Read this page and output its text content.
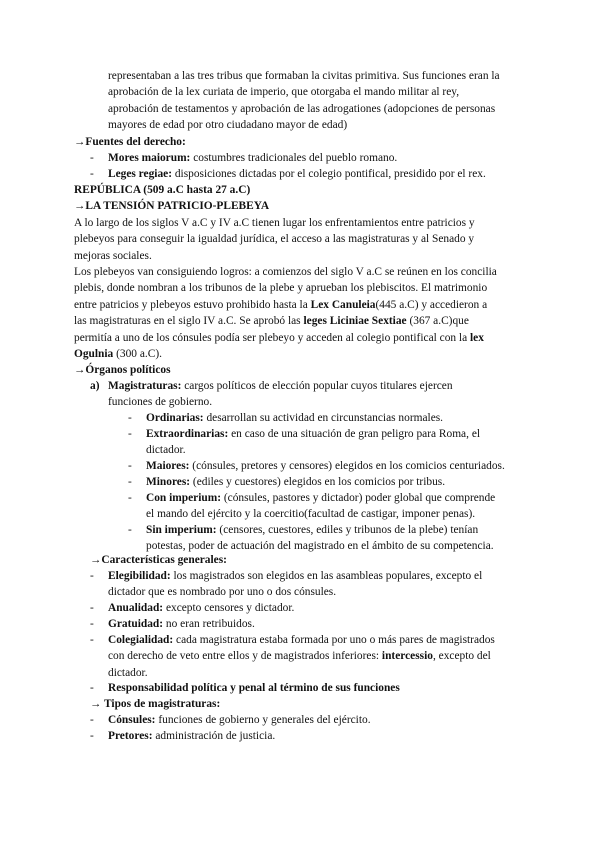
representaban a las tres tribus que formaban la civitas primitiva. Sus funciones eran la
aprobación de la lex curiata de imperio, que otorgaba el mando militar al rey,
aprobación de testamentos y aprobación de las adrogationes (adopciones de personas
mayores de edad por otro ciudadano mayor de edad)
→Fuentes del derecho:
- Mores maiorum: costumbres tradicionales del pueblo romano.
- Leges regiae: disposiciones dictadas por el colegio pontifical, presidido por el rex.
REPÚBLICA (509 a.C hasta 27 a.C)
→LA TENSIÓN PATRICIO-PLEBEYA
A lo largo de los siglos V a.C y IV a.C tienen lugar los enfrentamientos entre patricios y
plebeyos para conseguir la igualdad jurídica, el acceso a las magistraturas y al Senado y
mejoras sociales.
Los plebeyos van consiguiendo logros: a comienzos del siglo V a.C se reúnen en los concilia
plebis, donde nombran a los tribunos de la plebe y aprueban los plebiscitos. El matrimonio
entre patricios y plebeyos estuvo prohibido hasta la Lex Canuleia(445 a.C) y accedieron a
las magistraturas en el siglo IV a.C. Se aprobó las leges Liciniae Sextiae (367 a.C)que
permitía a uno de los cónsules podía ser plebeyo y acceden al colegio pontifical con la lex
Ogulnia (300 a.C).
→Órganos políticos
a) Magistraturas: cargos políticos de elección popular cuyos titulares ejercen
funciones de gobierno.
- Ordinarias: desarrollan su actividad en circunstancias normales.
- Extraordinarias: en caso de una situación de gran peligro para Roma, el
dictador.
- Maiores: (cónsules, pretores y censores) elegidos en los comicios centuriados.
- Minores: (ediles y cuestores) elegidos en los comicios por tribus.
- Con imperium: (cónsules, pastores y dictador) poder global que comprende
el mando del ejército y la coercitio(facultad de castigar, imponer penas).
- Sin imperium: (censores, cuestores, ediles y tribunos de la plebe) tenían
potestas, poder de actuación del magistrado en el ámbito de su competencia.
→Características generales:
- Elegibilidad: los magistrados son elegidos en las asambleas populares, excepto el
dictador que es nombrado por uno o dos cónsules.
- Anualidad: excepto censores y dictador.
- Gratuidad: no eran retribuidos.
- Colegialidad: cada magistratura estaba formada por uno o más pares de magistrados
con derecho de veto entre ellos y de magistrados inferiores: intercessio, excepto del
dictador.
- Responsabilidad política y penal al término de sus funciones
→ Tipos de magistraturas:
- Cónsules: funciones de gobierno y generales del ejército.
- Pretores: administración de justicia.
